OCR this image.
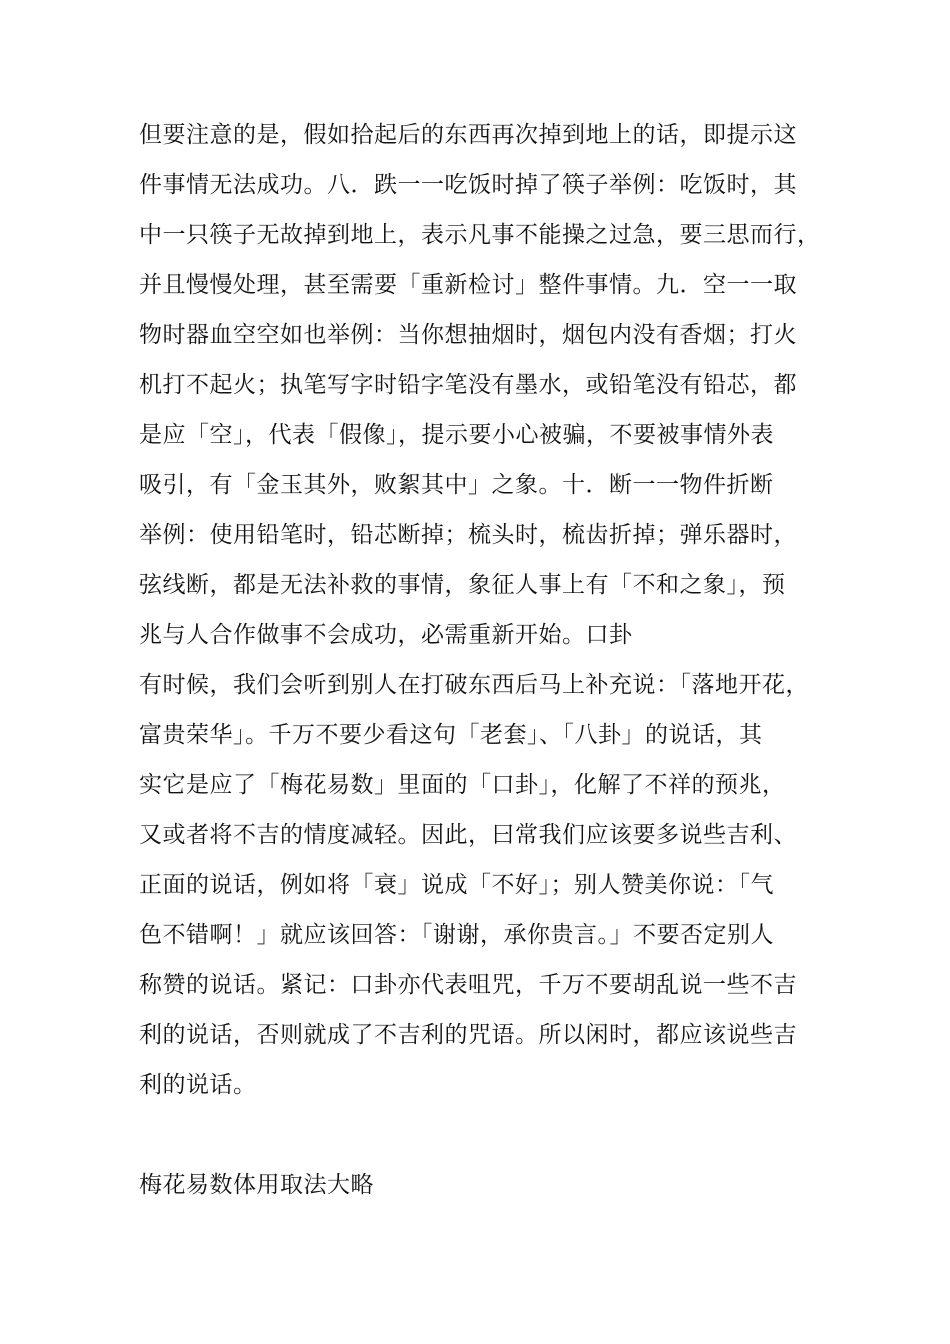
但要注意的是，假如拾起后的东西再次掉到地上的话，即提示这
件事情无法成功。八．跌一一吃饭时掉了筷子举例：吃饭时，其
中一只筷子无故掉到地上，表示凡事不能操之过急，要三思而行，
并且慢慢处理，甚至需要「重新检讨」整件事情。九．空一一取
物时器血空空如也举例：当你想抽烟时，烟包内没有香烟；打火
机打不起火；执笔写字时铅字笔没有墨水，或铅笔没有铅芯，都
是应「空」，代表「假像」，提示要小心被骗，不要被事情外表
吸引，有「金玉其外，败絮其中」之象。十．断一一物件折断
举例：使用铅笔时，铅芯断掉；梳头时，梳齿折掉；弹乐器时，
弦线断，都是无法补救的事情，象征人事上有「不和之象」，预
兆与人合作做事不会成功，必需重新开始。口卦
有时候，我们会听到别人在打破东西后马上补充说：「落地开花，
富贵荣华」。千万不要少看这句「老套」、「八卦」的说话，其
实它是应了「梅花易数」里面的「口卦」，化解了不祥的预兆，
又或者将不吉的情度减轻。因此，曰常我们应该要多说些吉利、
正面的说话，例如将「衰」说成「不好」；别人赞美你说：「气
色不错啊！」就应该回答：「谢谢，承你贵言。」不要否定别人
称赞的说话。紧记：口卦亦代表咀咒，千万不要胡乱说一些不吉
利的说话，否则就成了不吉利的咒语。所以闲时，都应该说些吉
利的说话。
梅花易数体用取法大略
